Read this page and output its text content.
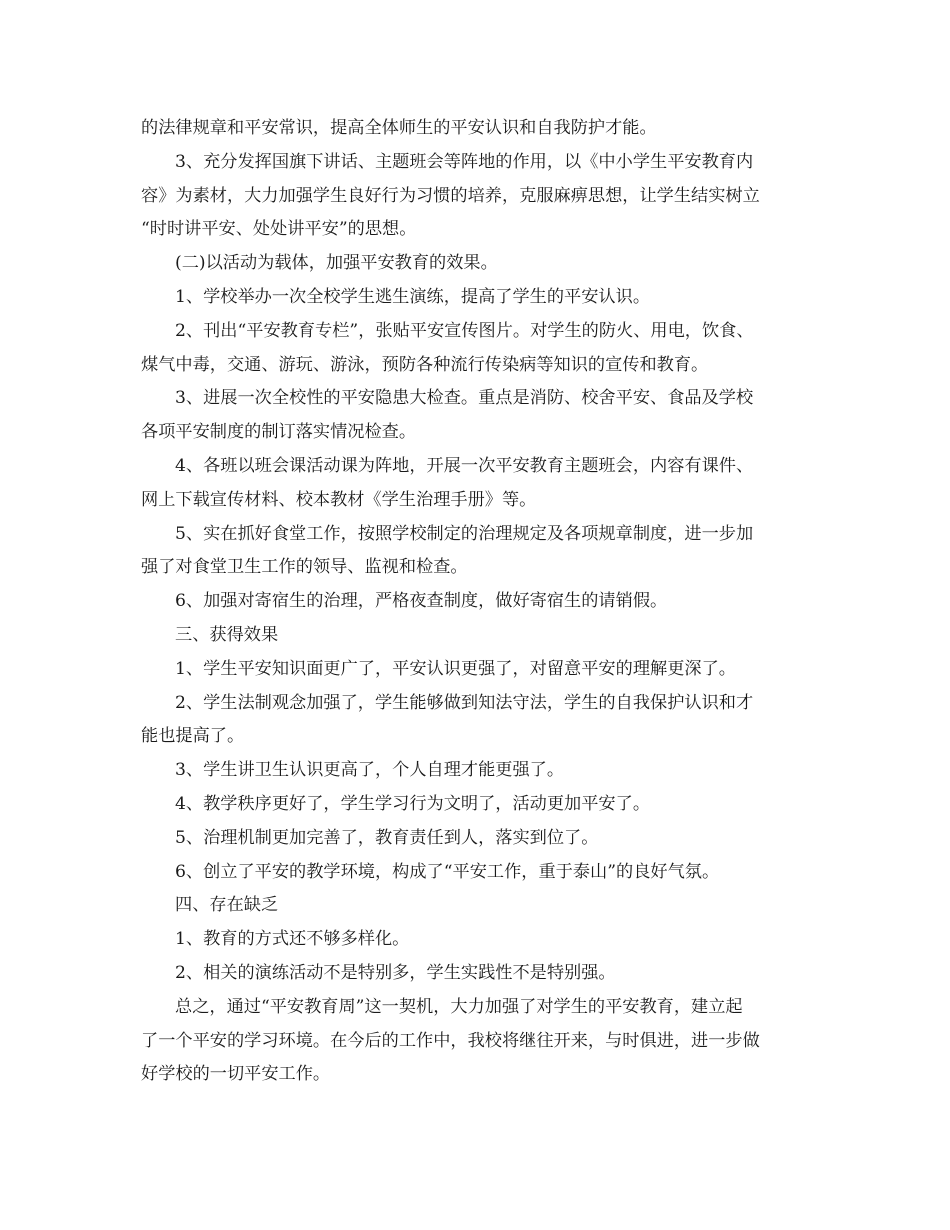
的法律规章和平安常识，提高全体师生的平安认识和自我防护才能。
3、充分发挥国旗下讲话、主题班会等阵地的作用，以《中小学生平安教育内
容》为素材，大力加强学生良好行为习惯的培养，克服麻痹思想，让学生结实树立
“时时讲平安、处处讲平安”的思想。
(二)以活动为载体，加强平安教育的效果。
1、学校举办一次全校学生逃生演练，提高了学生的平安认识。
2、刊出“平安教育专栏”，张贴平安宣传图片。对学生的防火、用电，饮食、
煤气中毒，交通、游玩、游泳，预防各种流行传染病等知识的宣传和教育。
3、进展一次全校性的平安隐患大检查。重点是消防、校舍平安、食品及学校
各项平安制度的制订落实情况检查。
4、各班以班会课活动课为阵地，开展一次平安教育主题班会，内容有课件、
网上下载宣传材料、校本教材《学生治理手册》等。
5、实在抓好食堂工作，按照学校制定的治理规定及各项规章制度，进一步加
强了对食堂卫生工作的领导、监视和检查。
6、加强对寄宿生的治理，严格夜查制度，做好寄宿生的请销假。
三、获得效果
1、学生平安知识面更广了，平安认识更强了，对留意平安的理解更深了。
2、学生法制观念加强了，学生能够做到知法守法，学生的自我保护认识和才
能也提高了。
3、学生讲卫生认识更高了，个人自理才能更强了。
4、教学秩序更好了，学生学习行为文明了，活动更加平安了。
5、治理机制更加完善了，教育责任到人，落实到位了。
6、创立了平安的教学环境，构成了“平安工作，重于泰山”的良好气氛。
四、存在缺乏
1、教育的方式还不够多样化。
2、相关的演练活动不是特别多，学生实践性不是特别强。
总之，通过“平安教育周”这一契机，大力加强了对学生的平安教育，建立起
了一个平安的学习环境。在今后的工作中，我校将继往开来，与时俱进，进一步做
好学校的一切平安工作。
